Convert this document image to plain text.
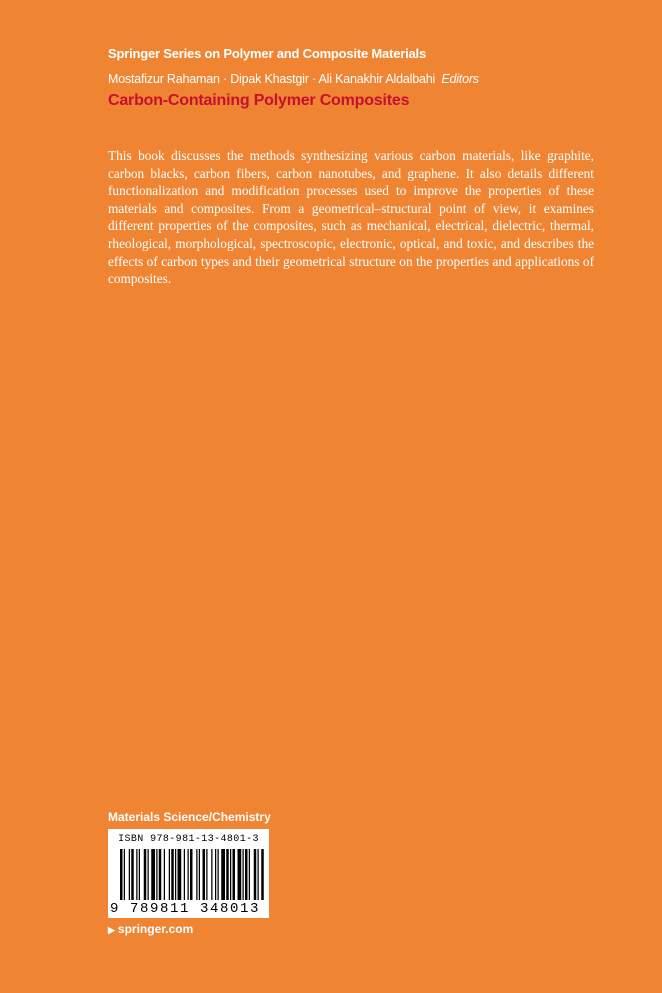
Springer Series on Polymer and Composite Materials
Mostafizur Rahaman · Dipak Khastgir · Ali Kanakhir Aldalbahi Editors
Carbon-Containing Polymer Composites

This book discusses the methods synthesizing various carbon materials, like graphite, carbon blacks, carbon fibers, carbon nanotubes, and graphene. It also details different functionalization and modification processes used to improve the properties of these materials and composites. From a geometrical–structural point of view, it examines different properties of the composites, such as mechanical, electrical, dielectric, thermal, rheological, morphological, spectroscopic, electronic, optical, and toxic, and describes the effects of carbon types and their geometrical structure on the properties and applications of composites.

Materials Science/Chemistry
ISBN 978-981-13-4801-3
9 789811 348013
▶ springer.com
